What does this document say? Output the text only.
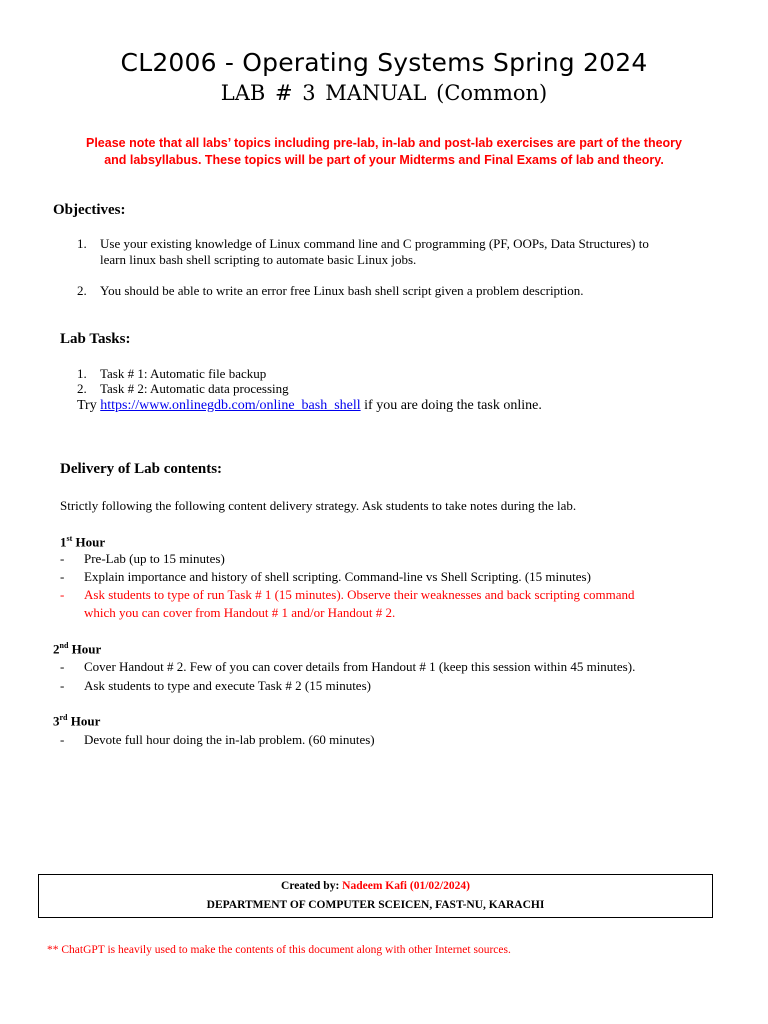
CL2006 - Operating Systems Spring 2024
LAB # 3 MANUAL (Common)
Please note that all labs’ topics including pre-lab, in-lab and post-lab exercises are part of the theory and labsyllabus. These topics will be part of your Midterms and Final Exams of lab and theory.
Objectives:
1. Use your existing knowledge of Linux command line and C programming (PF, OOPs, Data Structures) to
learn linux bash shell scripting to automate basic Linux jobs.
2. You should be able to write an error free Linux bash shell script given a problem description.
Lab Tasks:
1. Task # 1: Automatic file backup
2. Task # 2: Automatic data processing
Try https://www.onlinegdb.com/online_bash_shell if you are doing the task online.
Delivery of Lab contents:
Strictly following the following content delivery strategy. Ask students to take notes during the lab.
1st Hour
- Pre-Lab (up to 15 minutes)
- Explain importance and history of shell scripting. Command-line vs Shell Scripting. (15 minutes)
- Ask students to type of run Task # 1 (15 minutes). Observe their weaknesses and back scripting command
which you can cover from Handout # 1 and/or Handout # 2.
2nd Hour
- Cover Handout # 2. Few of you can cover details from Handout # 1 (keep this session within 45 minutes).
- Ask students to type and execute Task # 2 (15 minutes)
3rd Hour
- Devote full hour doing the in-lab problem. (60 minutes)
Created by: Nadeem Kafi (01/02/2024)
DEPARTMENT OF COMPUTER SCEICEN, FAST-NU, KARACHI
** ChatGPT is heavily used to make the contents of this document along with other Internet sources.
